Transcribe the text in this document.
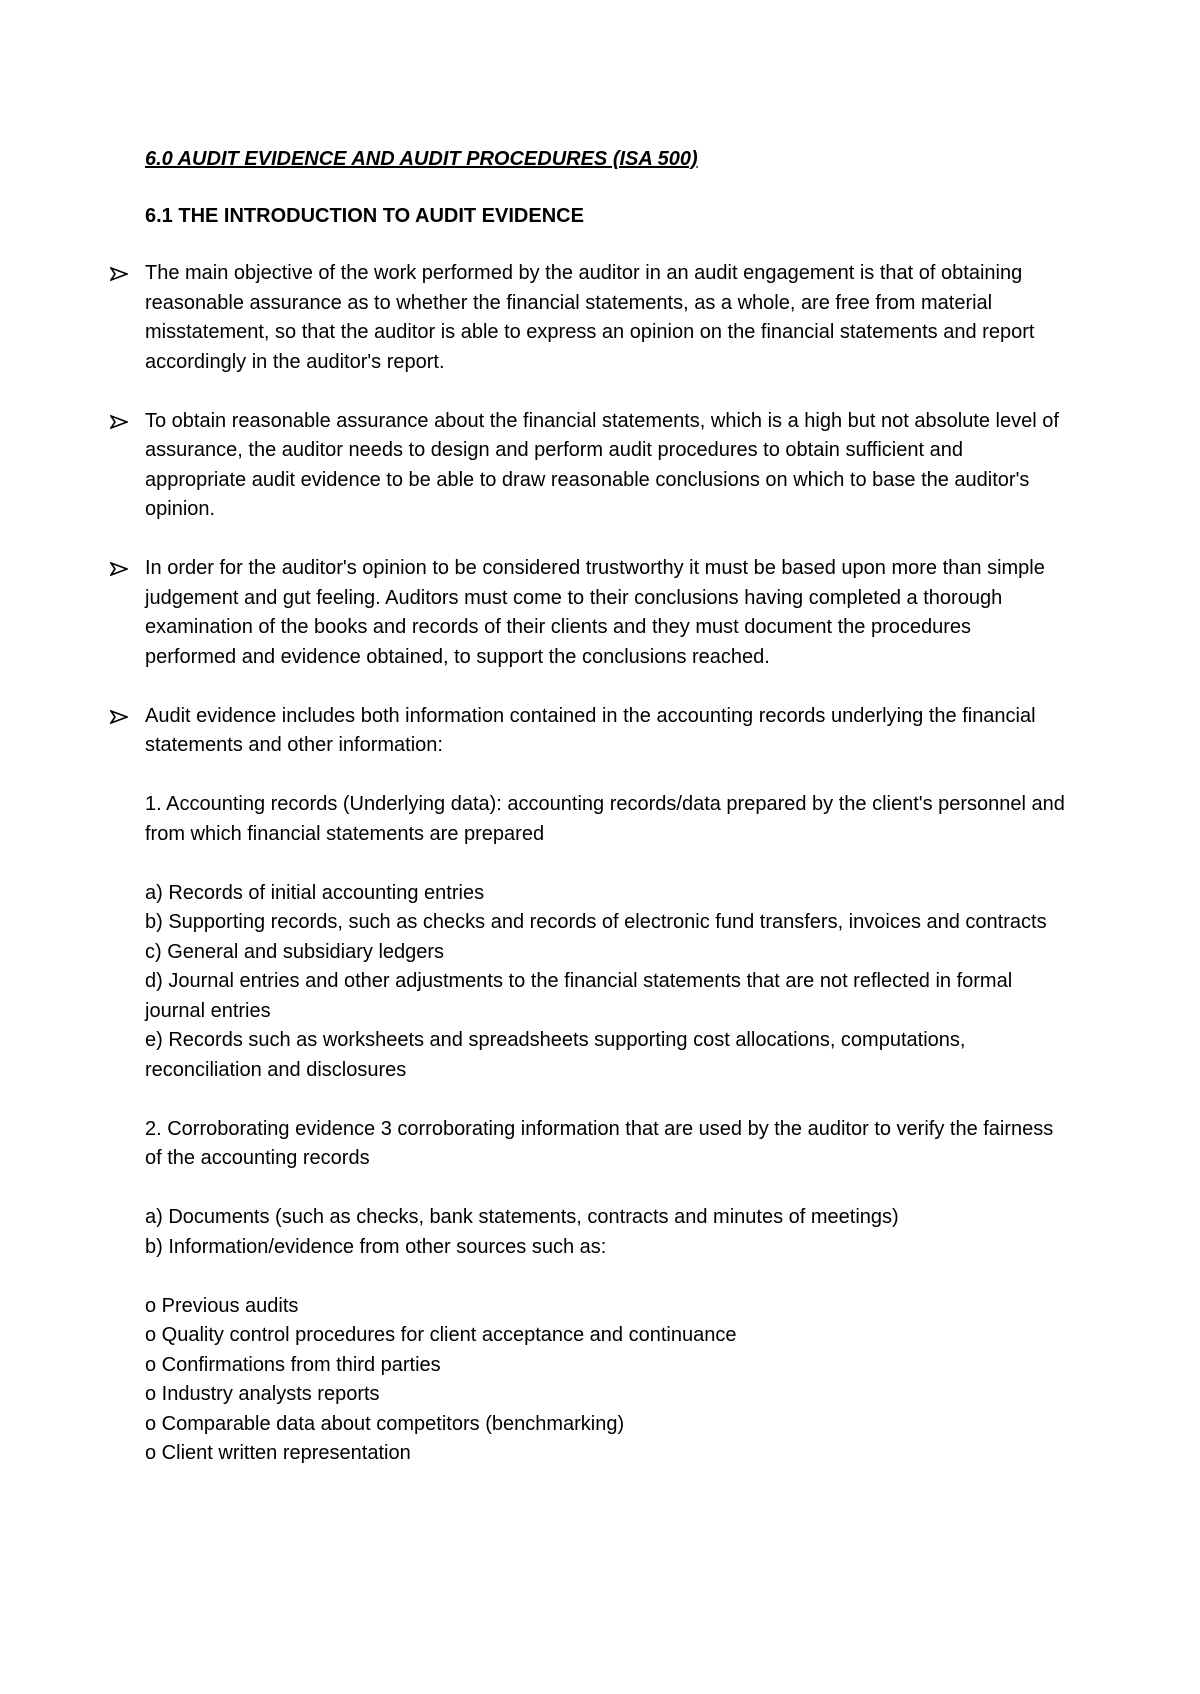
6.0 AUDIT EVIDENCE AND AUDIT PROCEDURES (ISA 500)

6.1 THE INTRODUCTION TO AUDIT EVIDENCE

The main objective of the work performed by the auditor in an audit engagement is that of obtaining reasonable assurance as to whether the financial statements, as a whole, are free from material misstatement, so that the auditor is able to express an opinion on the financial statements and report accordingly in the auditor's report.

To obtain reasonable assurance about the financial statements, which is a high but not absolute level of assurance, the auditor needs to design and perform audit procedures to obtain sufficient and appropriate audit evidence to be able to draw reasonable conclusions on which to base the auditor's opinion.

In order for the auditor's opinion to be considered trustworthy it must be based upon more than simple judgement and gut feeling. Auditors must come to their conclusions having completed a thorough examination of the books and records of their clients and they must document the procedures performed and evidence obtained, to support the conclusions reached.

Audit evidence includes both information contained in the accounting records underlying the financial statements and other information:

1. Accounting records (Underlying data): accounting records/data prepared by the client's personnel and from which financial statements are prepared

a) Records of initial accounting entries

b) Supporting records, such as checks and records of electronic fund transfers, invoices and contracts

c) General and subsidiary ledgers

d) Journal entries and other adjustments to the financial statements that are not reflected in formal journal entries

e) Records such as worksheets and spreadsheets supporting cost allocations, computations, reconciliation and disclosures

2. Corroborating evidence 3 corroborating information that are used by the auditor to verify the fairness of the accounting records

a) Documents (such as checks, bank statements, contracts and minutes of meetings)

b) Information/evidence from other sources such as:

o Previous audits

o Quality control procedures for client acceptance and continuance

o Confirmations from third parties

o Industry analysts reports

o Comparable data about competitors (benchmarking)

o Client written representation
